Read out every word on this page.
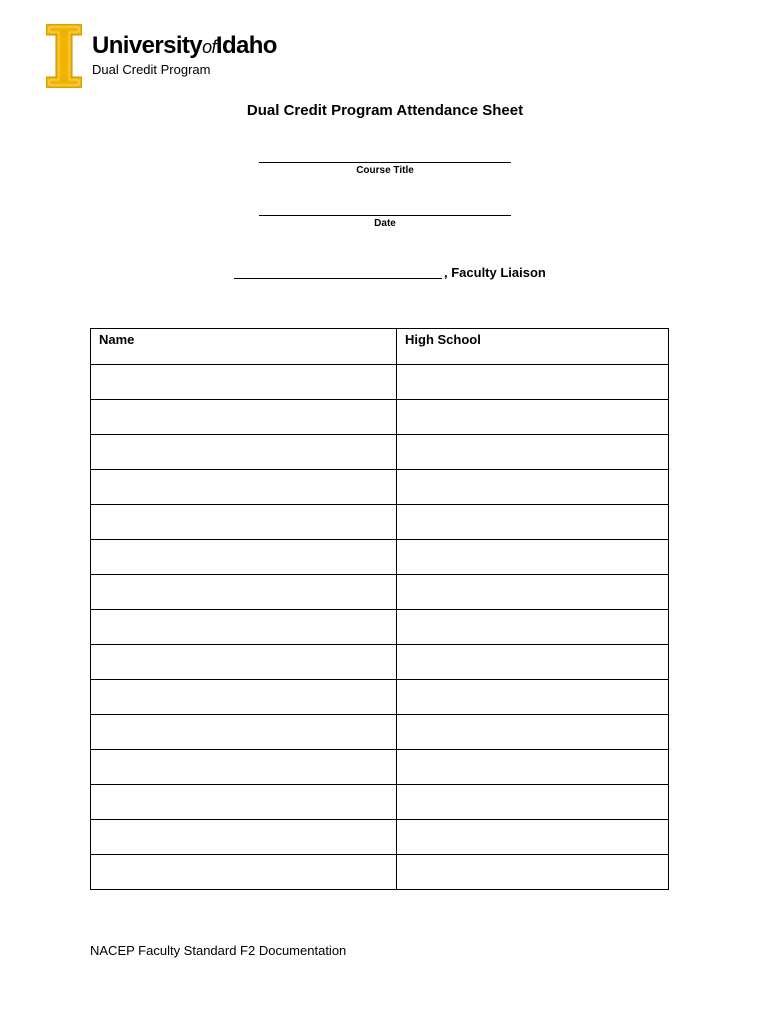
UniversityofIdaho
Dual Credit Program
Dual Credit Program Attendance Sheet
Course Title
Date
, Faculty Liaison
Name	High School

NACEP Faculty Standard F2 Documentation
